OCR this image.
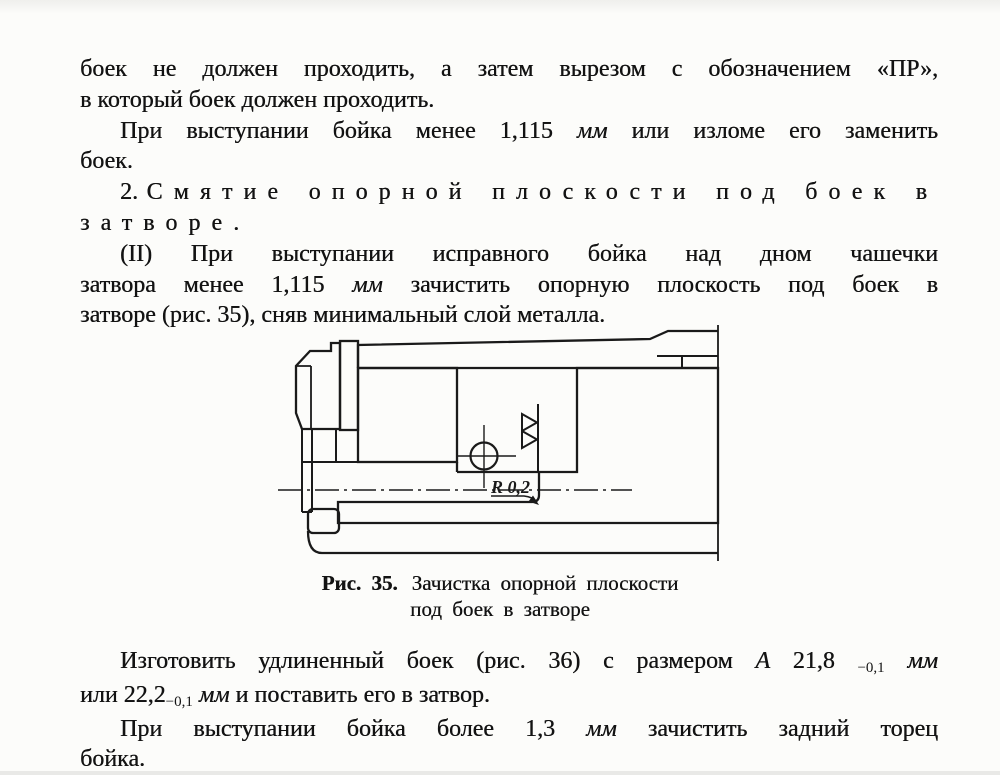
боек не должен проходить, а затем вырезом с обозначением «ПР»,
в который боек должен проходить.
При выступании бойка менее 1,115 мм или изломе его заменить
боек.
2. Смятие опорной плоскости под боек в
затворе.
(II) При выступании исправного бойка над дном чашечки
затвора менее 1,115 мм зачистить опорную плоскость под боек в
затворе (рис. 35), сняв минимальный слой металла.
R 0,2
Рис. 35. Зачистка опорной плоскости
под боек в затворе
Изготовить удлиненный боек (рис. 36) с размером А 21,8 −0,1 мм
или 22,2−0,1 мм и поставить его в затвор.
При выступании бойка более 1,3 мм зачистить задний торец
бойка.
